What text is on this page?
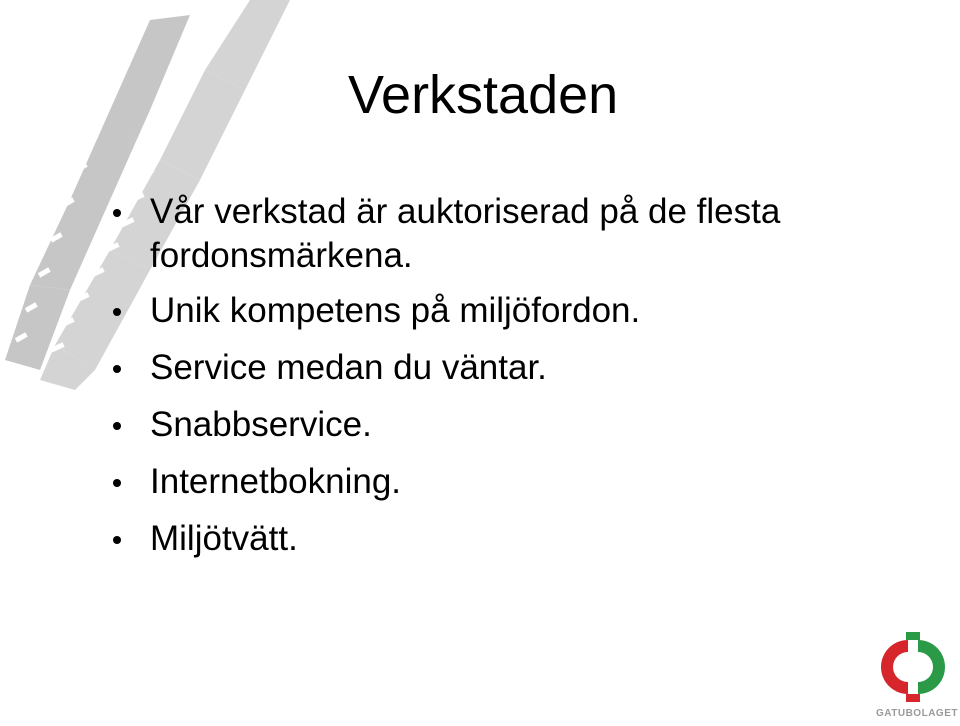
Verkstaden
Vår verkstad är auktoriserad på de flesta fordonsmärkena.
Unik kompetens på miljöfordon.
Service medan du väntar.
Snabbservice.
Internetbokning.
Miljötvätt.
GATUBOLAGET
